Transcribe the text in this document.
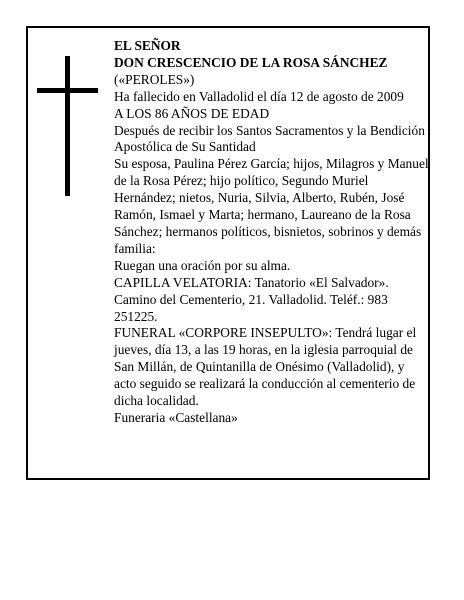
EL SEÑOR

DON CRESCENCIO DE LA ROSA SÁNCHEZ

(«PEROLES»)

Ha fallecido en Valladolid el día 12 de agosto de 2009

A LOS 86 AÑOS DE EDAD

Después de recibir los Santos Sacramentos y la Bendición Apostólica de Su Santidad

Su esposa, Paulina Pérez García; hijos, Milagros y Manuel de la Rosa Pérez; hijo político, Segundo Muriel Hernández; nietos, Nuria, Silvia, Alberto, Rubén, José Ramón, Ismael y Marta; hermano, Laureano de la Rosa Sánchez; hermanos políticos, bisnietos, sobrinos y demás familia:

Ruegan una oración por su alma.

CAPILLA VELATORIA: Tanatorio «El Salvador». Camino del Cementerio, 21. Valladolid. Teléf.: 983 251225.

FUNERAL «CORPORE INSEPULTO»: Tendrá lugar el jueves, día 13, a las 19 horas, en la iglesia parroquial de San Millán, de Quintanilla de Onésimo (Valladolid), y acto seguido se realizará la conducción al cementerio de dicha localidad.

Funeraria «Castellana»
